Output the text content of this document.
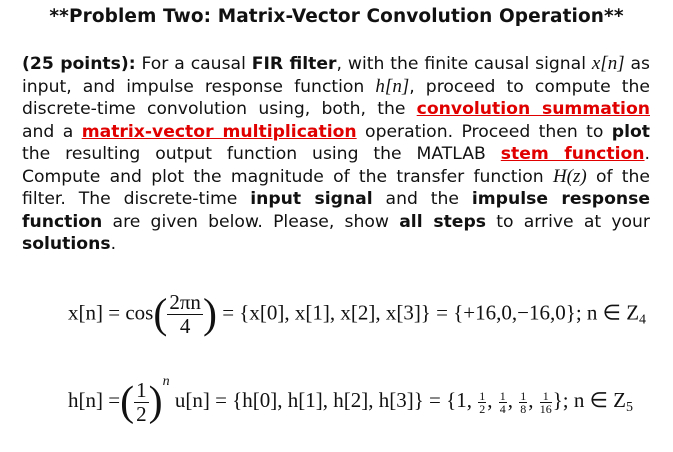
**Problem Two: Matrix-Vector Convolution Operation**
(25 points): For a causal FIR filter, with the finite causal signal x[n] as input, and impulse response function h[n], proceed to compute the discrete-time convolution using, both, the convolution summation and a matrix-vector multiplication operation. Proceed then to plot the resulting output function using the MATLAB stem function. Compute and plot the magnitude of the transfer function H(z) of the filter. The discrete-time input signal and the impulse response function are given below. Please, show all steps to arrive at your solutions.
$x[n] = \cos( \frac{2\pi n}{4}$ ) = {x[0], x[1], x[2], x[3]} = {+16,0,−16,0}; n ∈ $Z_4$
h[n] =( $\frac{1}{2} )^n$ u[n] = {h[0], h[1], h[2], h[3]} = {1, $\frac{1}{2}$ , $\frac{1}{4}$ , $\frac{1}{8}$ , $\frac{1}{16}$ }; n ∈ $Z_5$
